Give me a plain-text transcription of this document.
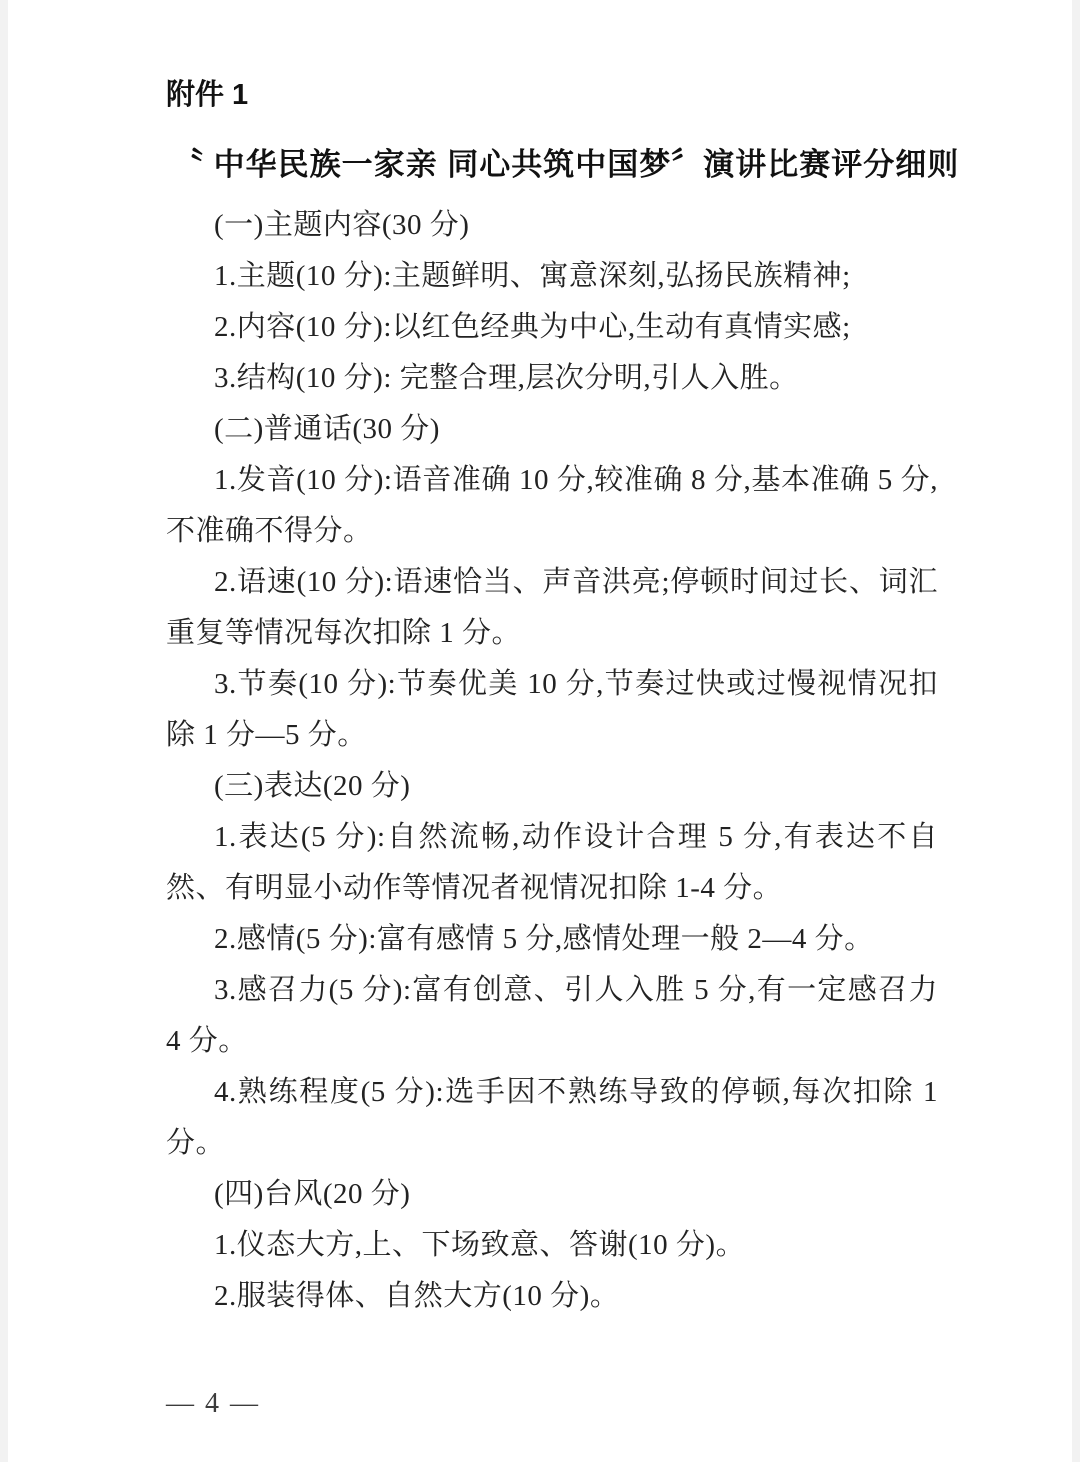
附件 1
〝 中华民族一家亲 同心共筑中国梦〞演讲比赛评分细则

(一)主题内容(30 分)

1.主题(10 分):主题鲜明、寓意深刻,弘扬民族精神;

2.内容(10 分):以红色经典为中心,生动有真情实感;

3.结构(10 分): 完整合理,层次分明,引人入胜。

(二)普通话(30 分)

1.发音(10 分):语音准确 10 分,较准确 8 分,基本准确 5 分,不准确不得分。

2.语速(10 分):语速恰当、声音洪亮;停顿时间过长、词汇重复等情况每次扣除 1 分。

3.节奏(10 分):节奏优美 10 分,节奏过快或过慢视情况扣除 1 分—5 分。

(三)表达(20 分)

1.表达(5 分):自然流畅,动作设计合理 5 分,有表达不自然、有明显小动作等情况者视情况扣除 1-4 分。

2.感情(5 分):富有感情 5 分,感情处理一般 2—4 分。

3.感召力(5 分):富有创意、引人入胜 5 分,有一定感召力 4 分。

4.熟练程度(5 分):选手因不熟练导致的停顿,每次扣除 1 分。

(四)台风(20 分)

1.仪态大方,上、下场致意、答谢(10 分)。

2.服装得体、自然大方(10 分)。

— 4 —
